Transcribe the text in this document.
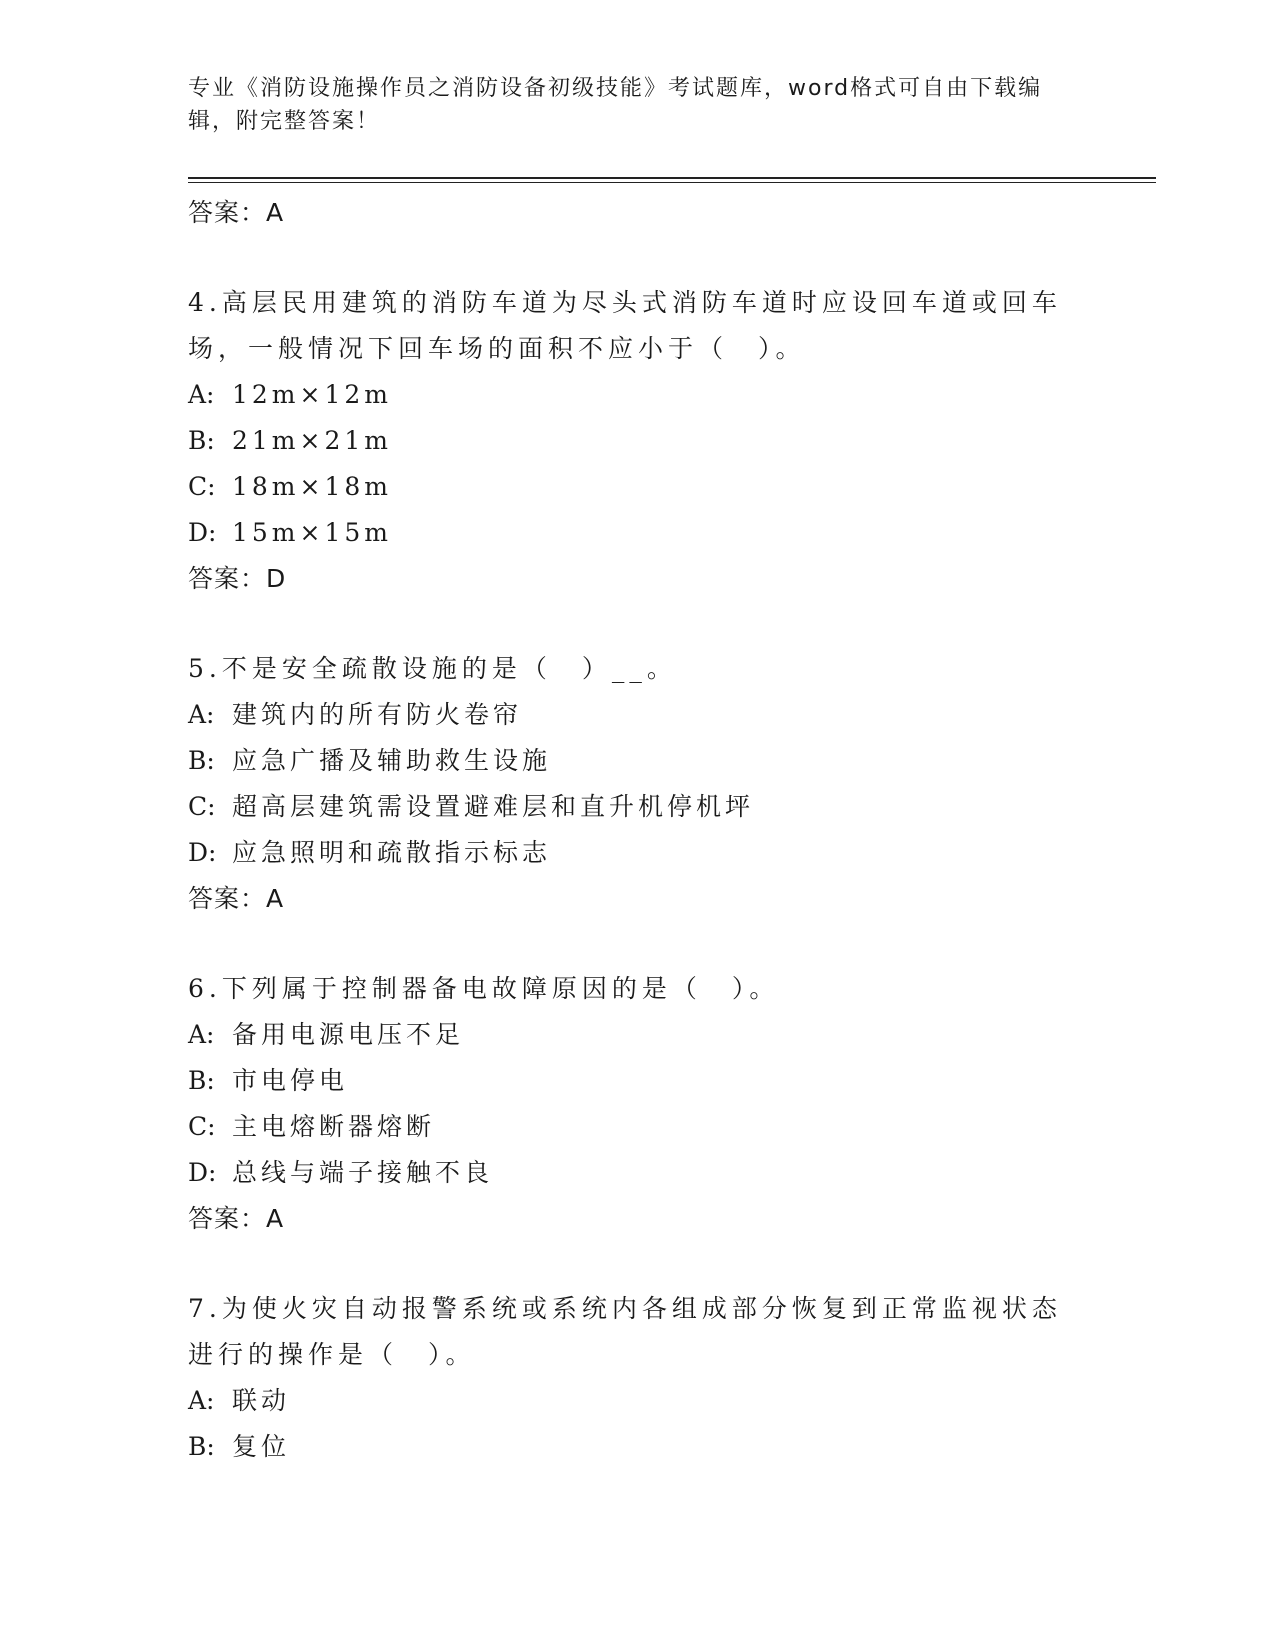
专业《消防设施操作员之消防设备初级技能》考试题库，word格式可自由下载编辑，附完整答案！
答案：A
4.高层民用建筑的消防车道为尽头式消防车道时应设回车道或回车场，一般情况下回车场的面积不应小于（　）。
A: 12m×12m
B: 21m×21m
C: 18m×18m
D: 15m×15m
答案：D
5.不是安全疏散设施的是（　）__。
A: 建筑内的所有防火卷帘
B: 应急广播及辅助救生设施
C: 超高层建筑需设置避难层和直升机停机坪
D: 应急照明和疏散指示标志
答案：A
6.下列属于控制器备电故障原因的是（　）。
A: 备用电源电压不足
B: 市电停电
C: 主电熔断器熔断
D: 总线与端子接触不良
答案：A
7.为使火灾自动报警系统或系统内各组成部分恢复到正常监视状态进行的操作是（　）。
A: 联动
B: 复位
